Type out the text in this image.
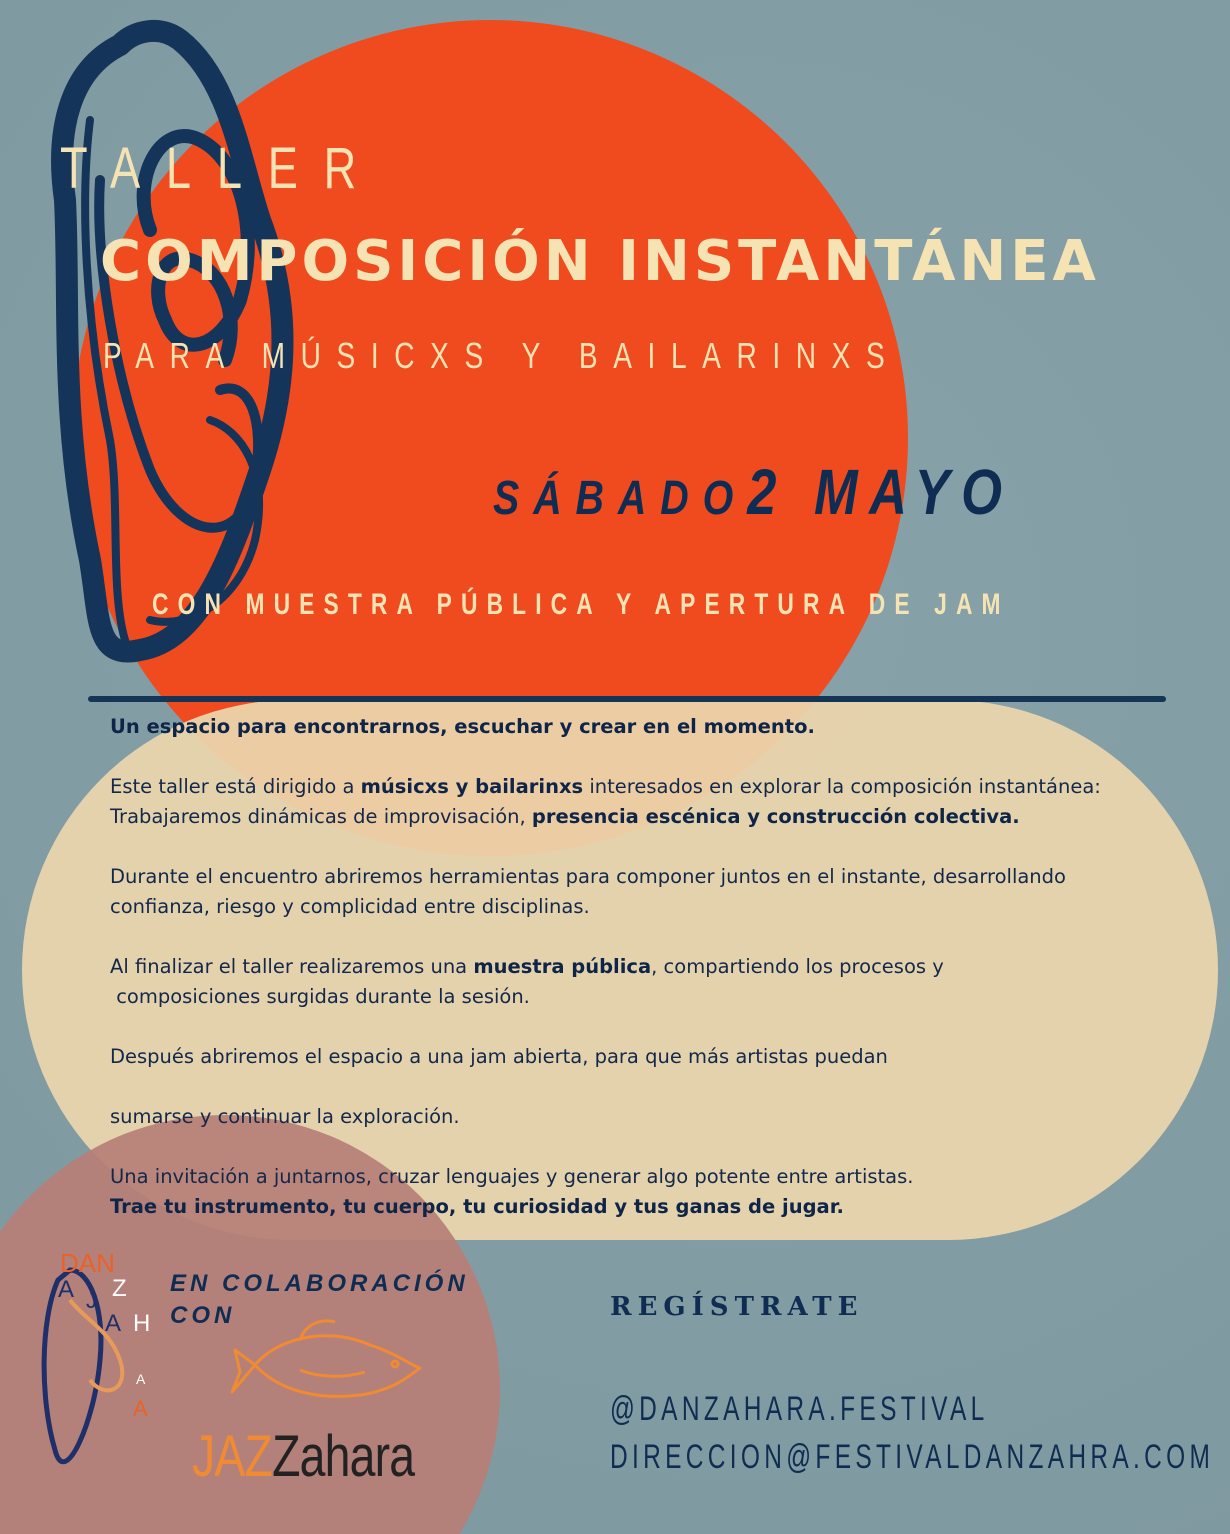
TALLER
COMPOSICIÓN INSTANTÁNEA
PARA MÚSICXS Y BAILARINXS
SÁBADO2 MAYO
CON MUESTRA PÚBLICA Y APERTURA DE JAM

Un espacio para encontrarnos, escuchar y crear en el momento.

Este taller está dirigido a músicxs y bailarinxs interesados en explorar la composición instantánea:

Trabajaremos dinámicas de improvisación, presencia escénica y construcción colectiva.

Durante el encuentro abriremos herramientas para componer juntos en el instante, desarrollando

confianza, riesgo y complicidad entre disciplinas.

Al finalizar el taller realizaremos una muestra pública, compartiendo los procesos y

composiciones surgidas durante la sesión.

Después abriremos el espacio a una jam abierta, para que más artistas puedan

sumarse y continuar la exploración.

Una invitación a juntarnos, cruzar lenguajes y generar algo potente entre artistas.

Trae tu instrumento, tu cuerpo, tu curiosidad y tus ganas de jugar.

DAN
Z
A J
A H
A
A
EN COLABORACIÓN
CON
JAZZahara
REGÍSTRATE
@DANZAHARA.FESTIVAL
DIRECCION@FESTIVALDANZAHRA.COM
